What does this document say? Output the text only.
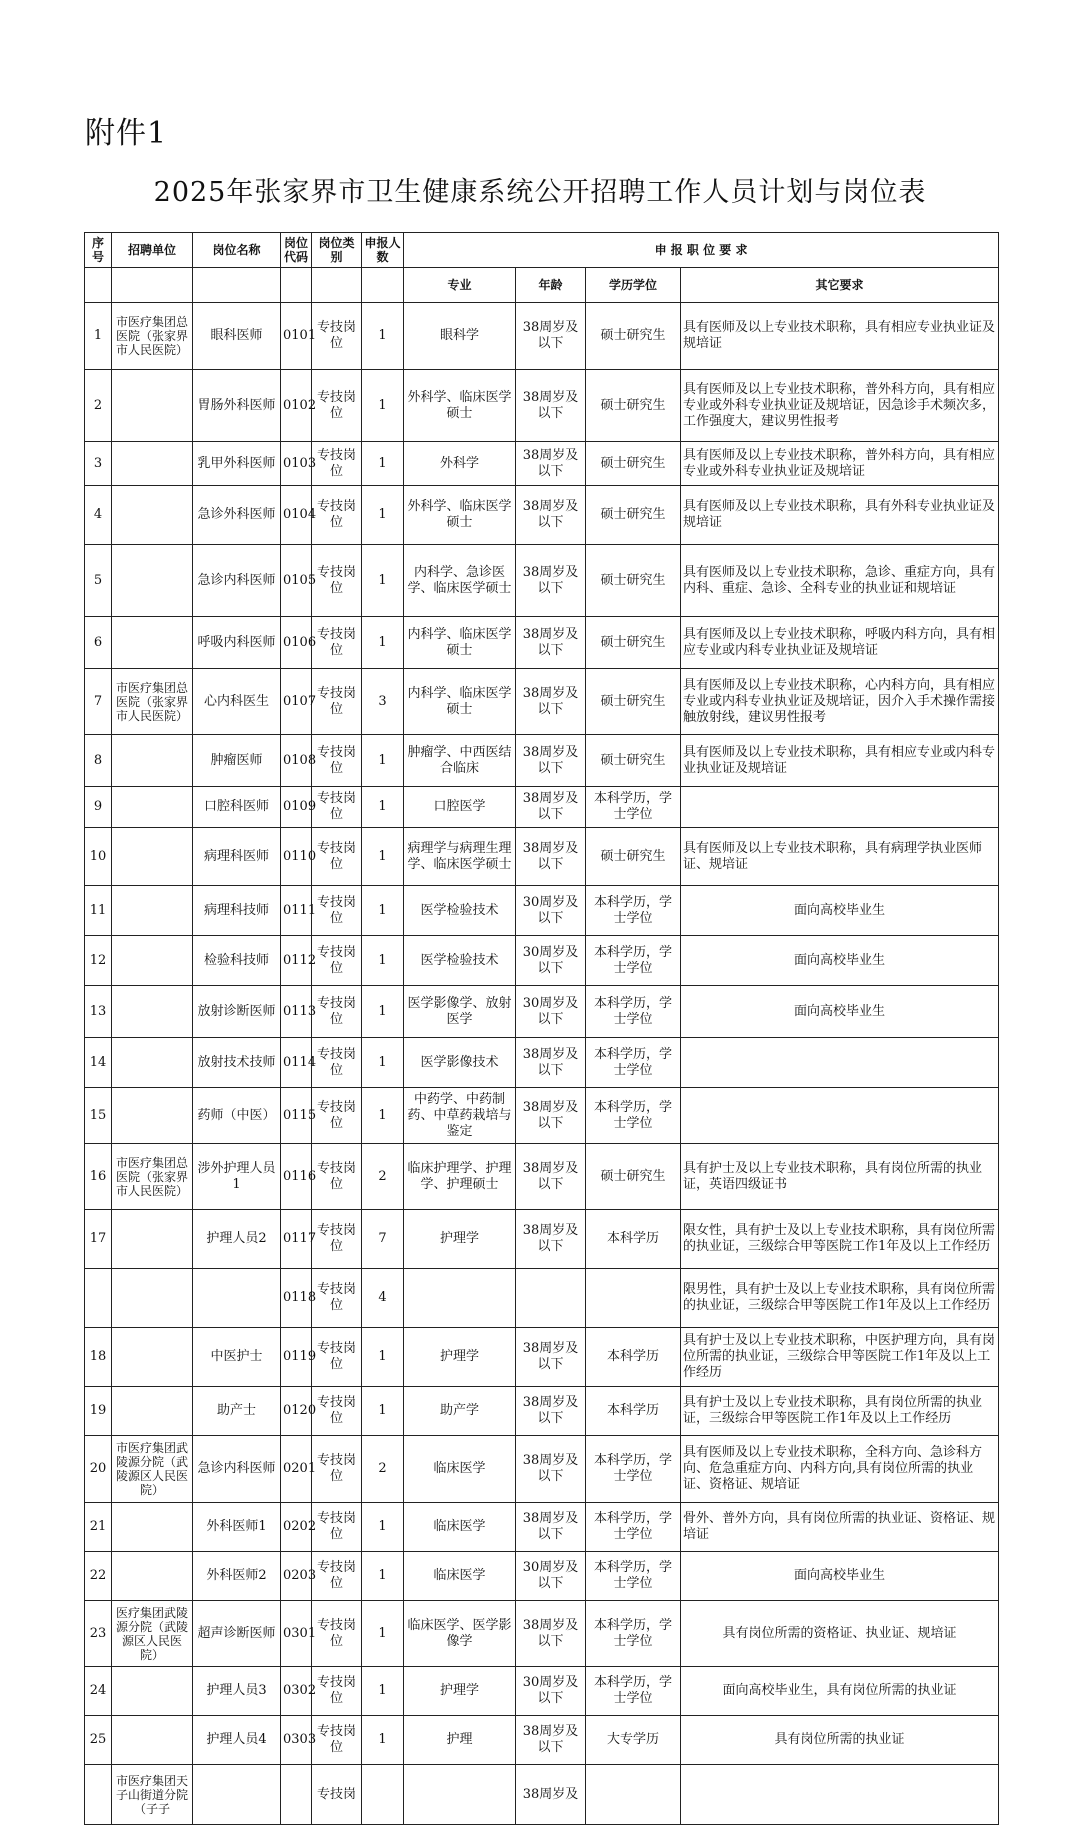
附件1
2025年张家界市卫生健康系统公开招聘工作人员计划与岗位表
序号	招聘单位	岗位名称	岗位代码	岗位类别	申报人数	申 报 职 位 要 求			
						专业	年龄	学历学位	其它要求
1	市医疗集团总医院（张家界市人民医院）	眼科医师	0101	专技岗位	1	眼科学	38周岁及以下	硕士研究生	具有医师及以上专业技术职称，具有相应专业执业证及规培证
2		胃肠外科医师	0102	专技岗位	1	外科学、临床医学硕士	38周岁及以下	硕士研究生	具有医师及以上专业技术职称，普外科方向，具有相应专业或外科专业执业证及规培证，因急诊手术频次多，工作强度大，建议男性报考
3		乳甲外科医师	0103	专技岗位	1	外科学	38周岁及以下	硕士研究生	具有医师及以上专业技术职称，普外科方向，具有相应专业或外科专业执业证及规培证
4		急诊外科医师	0104	专技岗位	1	外科学、临床医学硕士	38周岁及以下	硕士研究生	具有医师及以上专业技术职称，具有外科专业执业证及规培证
5		急诊内科医师	0105	专技岗位	1	内科学、急诊医学、临床医学硕士	38周岁及以下	硕士研究生	具有医师及以上专业技术职称，急诊、重症方向，具有内科、重症、急诊、全科专业的执业证和规培证
6		呼吸内科医师	0106	专技岗位	1	内科学、临床医学硕士	38周岁及以下	硕士研究生	具有医师及以上专业技术职称，呼吸内科方向，具有相应专业或内科专业执业证及规培证
7	市医疗集团总医院（张家界市人民医院）	心内科医生	0107	专技岗位	3	内科学、临床医学硕士	38周岁及以下	硕士研究生	具有医师及以上专业技术职称，心内科方向，具有相应专业或内科专业执业证及规培证，因介入手术操作需接触放射线，建议男性报考
8		肿瘤医师	0108	专技岗位	1	肿瘤学、中西医结合临床	38周岁及以下	硕士研究生	具有医师及以上专业技术职称，具有相应专业或内科专业执业证及规培证
9		口腔科医师	0109	专技岗位	1	口腔医学	38周岁及以下	本科学历，学士学位	
10		病理科医师	0110	专技岗位	1	病理学与病理生理学、临床医学硕士	38周岁及以下	硕士研究生	具有医师及以上专业技术职称，具有病理学执业医师证、规培证
11		病理科技师	0111	专技岗位	1	医学检验技术	30周岁及以下	本科学历，学士学位	面向高校毕业生
12		检验科技师	0112	专技岗位	1	医学检验技术	30周岁及以下	本科学历，学士学位	面向高校毕业生
13		放射诊断医师	0113	专技岗位	1	医学影像学、放射医学	30周岁及以下	本科学历，学士学位	面向高校毕业生
14		放射技术技师	0114	专技岗位	1	医学影像技术	38周岁及以下	本科学历，学士学位	
15		药师（中医）	0115	专技岗位	1	中药学、中药制药、中草药栽培与鉴定	38周岁及以下	本科学历，学士学位	
16	市医疗集团总医院（张家界市人民医院）	涉外护理人员1	0116	专技岗位	2	临床护理学、护理学、护理硕士	38周岁及以下	硕士研究生	具有护士及以上专业技术职称，具有岗位所需的执业证，英语四级证书
17		护理人员2	0117	专技岗位	7	护理学	38周岁及以下	本科学历	限女性，具有护士及以上专业技术职称，具有岗位所需的执业证，三级综合甲等医院工作1年及以上工作经历
			0118	专技岗位	4				限男性，具有护士及以上专业技术职称，具有岗位所需的执业证，三级综合甲等医院工作1年及以上工作经历
18		中医护士	0119	专技岗位	1	护理学	38周岁及以下	本科学历	具有护士及以上专业技术职称，中医护理方向，具有岗位所需的执业证，三级综合甲等医院工作1年及以上工作经历
19		助产士	0120	专技岗位	1	助产学	38周岁及以下	本科学历	具有护士及以上专业技术职称，具有岗位所需的执业证，三级综合甲等医院工作1年及以上工作经历
20	市医疗集团武陵源分院（武陵源区人民医院）	急诊内科医师	0201	专技岗位	2	临床医学	38周岁及以下	本科学历，学士学位	具有医师及以上专业技术职称，全科方向、急诊科方向、危急重症方向、内科方向,具有岗位所需的执业证、资格证、规培证
21		外科医师1	0202	专技岗位	1	临床医学	38周岁及以下	本科学历，学士学位	骨外、普外方向，具有岗位所需的执业证、资格证、规培证
22		外科医师2	0203	专技岗位	1	临床医学	30周岁及以下	本科学历，学士学位	面向高校毕业生
23	医疗集团武陵源分院（武陵源区人民医院）	超声诊断医师	0301	专技岗位	1	临床医学、医学影像学	38周岁及以下	本科学历，学士学位	具有岗位所需的资格证、执业证、规培证
24		护理人员3	0302	专技岗位	1	护理学	30周岁及以下	本科学历，学士学位	面向高校毕业生，具有岗位所需的执业证
25		护理人员4	0303	专技岗位	1	护理	38周岁及以下	大专学历	具有岗位所需的执业证
	市医疗集团天子山街道分院（子子			专技岗			38周岁及		
